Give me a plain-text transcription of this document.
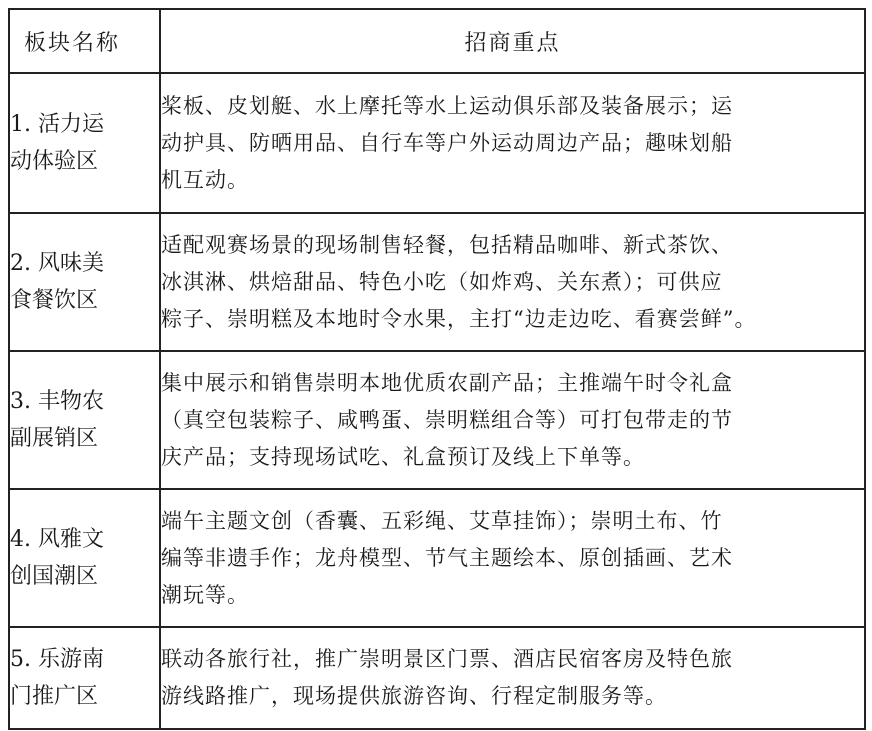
板块名称	招商重点

1. 活力运
动体验区	桨板、皮划艇、水上摩托等水上运动俱乐部及装备展示；运
动护具、防晒用品、自行车等户外运动周边产品；趣味划船
机互动。

2. 风味美
食餐饮区	适配观赛场景的现场制售轻餐，包括精品咖啡、新式茶饮、
冰淇淋、烘焙甜品、特色小吃（如炸鸡、关东煮）；可供应
粽子、崇明糕及本地时令水果，主打“边走边吃、看赛尝鲜”。

3. 丰物农
副展销区	集中展示和销售崇明本地优质农副产品；主推端午时令礼盒
（真空包装粽子、咸鸭蛋、崇明糕组合等）可打包带走的节
庆产品；支持现场试吃、礼盒预订及线上下单等。

4. 风雅文
创国潮区	端午主题文创（香囊、五彩绳、艾草挂饰）；崇明土布、竹
编等非遗手作；龙舟模型、节气主题绘本、原创插画、艺术
潮玩等。

5. 乐游南
门推广区	联动各旅行社，推广崇明景区门票、酒店民宿客房及特色旅
游线路推广，现场提供旅游咨询、行程定制服务等。
